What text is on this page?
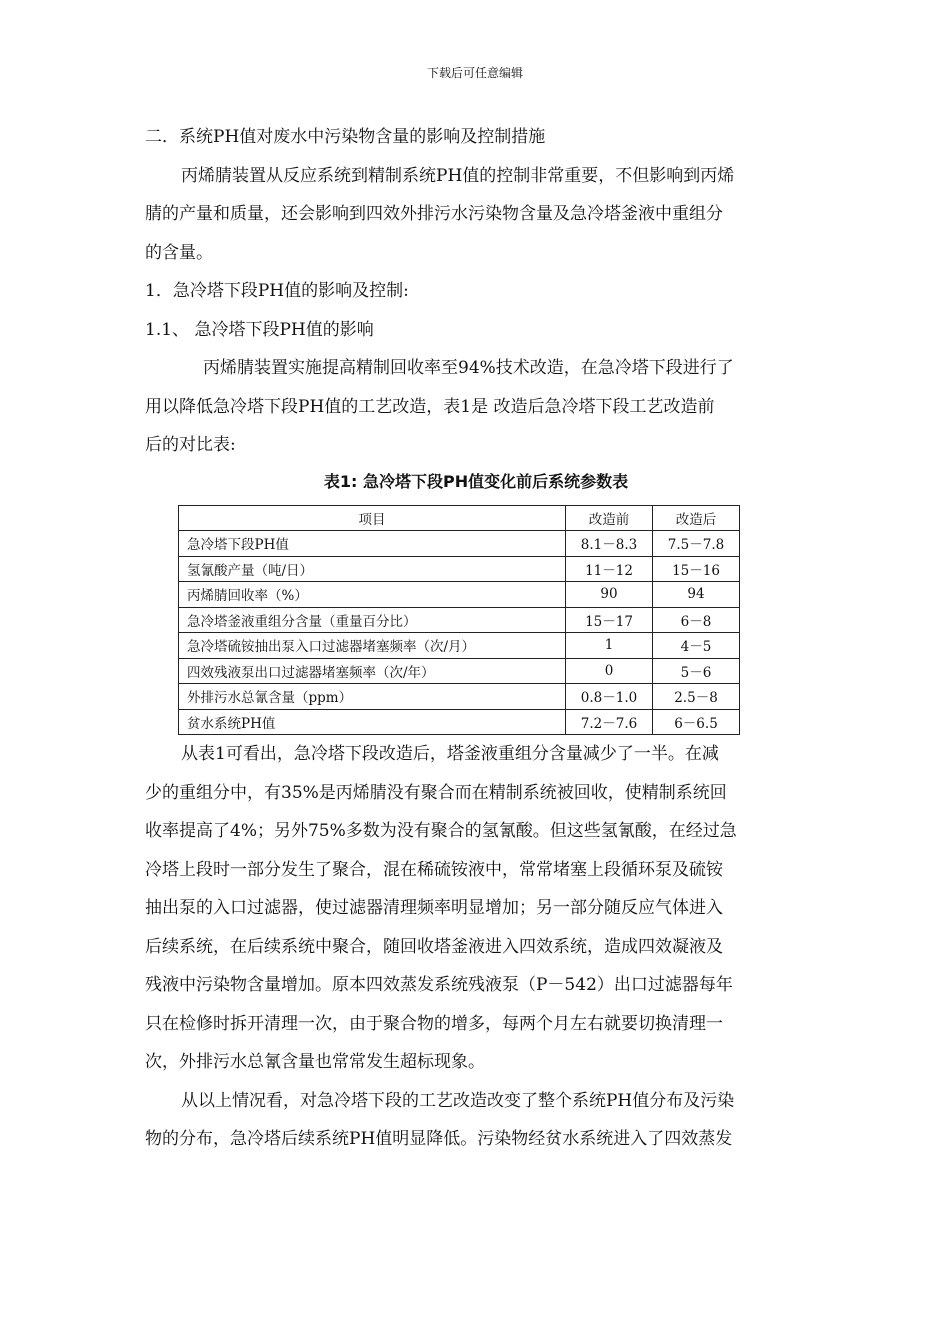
下载后可任意编辑

二．系统PH值对废水中污染物含量的影响及控制措施

丙烯腈装置从反应系统到精制系统PH值的控制非常重要，不但影响到丙烯

腈的产量和质量，还会影响到四效外排污水污染物含量及急冷塔釜液中重组分

的含量。

1．急冷塔下段PH值的影响及控制:

1.1、 急冷塔下段PH值的影响

丙烯腈装置实施提高精制回收率至94%技术改造，在急冷塔下段进行了

用以降低急冷塔下段PH值的工艺改造，表1是 改造后急冷塔下段工艺改造前

后的对比表:

表1: 急冷塔下段PH值变化前后系统参数表
项目	改造前	改造后
急冷塔下段PH值	8.1－8.3	7.5－7.8
氢氰酸产量（吨/日）	11－12	15－16
丙烯腈回收率（%）	90	94
急冷塔釜液重组分含量（重量百分比）	15－17	6－8
急冷塔硫铵抽出泵入口过滤器堵塞频率（次/月）	1	4－5
四效残液泵出口过滤器堵塞频率（次/年）	0	5－6
外排污水总氰含量（ppm）	0.8－1.0	2.5－8
贫水系统PH值	7.2－7.6	6－6.5

从表1可看出，急冷塔下段改造后，塔釜液重组分含量减少了一半。在减

少的重组分中，有35%是丙烯腈没有聚合而在精制系统被回收，使精制系统回

收率提高了4%；另外75%多数为没有聚合的氢氰酸。但这些氢氰酸，在经过急

冷塔上段时一部分发生了聚合，混在稀硫铵液中，常常堵塞上段循环泵及硫铵

抽出泵的入口过滤器，使过滤器清理频率明显增加；另一部分随反应气体进入

后续系统，在后续系统中聚合，随回收塔釜液进入四效系统，造成四效凝液及

残液中污染物含量增加。原本四效蒸发系统残液泵（P－542）出口过滤器每年

只在检修时拆开清理一次，由于聚合物的增多，每两个月左右就要切换清理一

次，外排污水总氰含量也常常发生超标现象。

从以上情况看，对急冷塔下段的工艺改造改变了整个系统PH值分布及污染

物的分布，急冷塔后续系统PH值明显降低。污染物经贫水系统进入了四效蒸发
